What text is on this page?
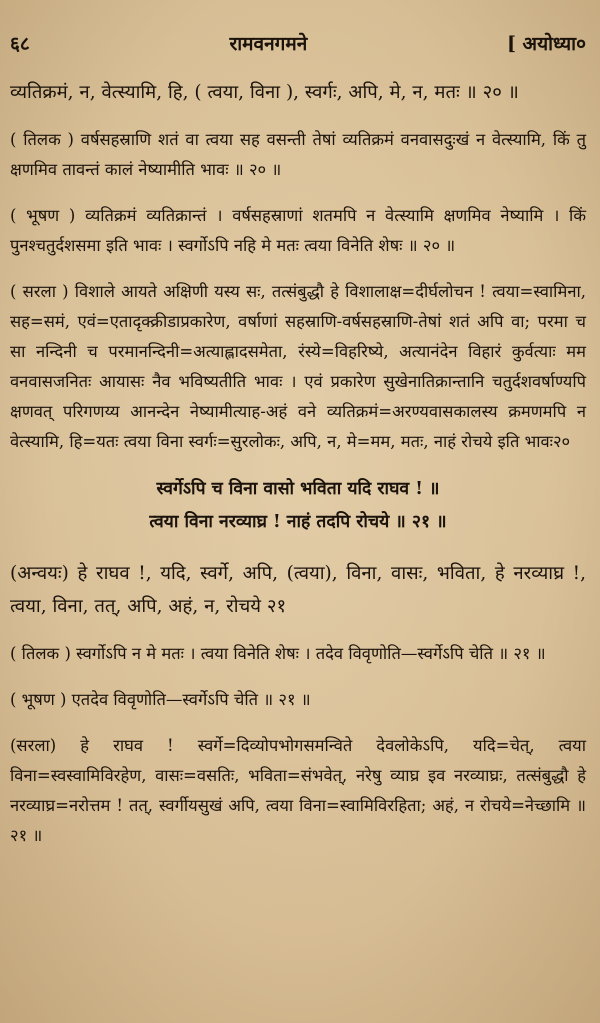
६८	रामवनगमने	[ अयोध्या०

व्यतिक्रमं, न, वेत्स्यामि, हि, ( त्वया, विना ), स्वर्गः, अपि, मे, न, मतः ॥ २० ॥

( तिलक ) वर्षसहस्राणि शतं वा त्वया सह वसन्ती तेषां व्यतिक्रमं वनवासदुःखं न वेत्स्यामि, किं तु क्षणमिव तावन्तं कालं नेष्यामीति भावः ॥ २० ॥

( भूषण ) व्यतिक्रमं व्यतिक्रान्तं । वर्षसहस्राणां शतमपि न वेत्स्यामि क्षणमिव नेष्यामि । किं पुनश्चतुर्दशसमा इति भावः । स्वर्गोऽपि नहि मे मतः त्वया विनेति शेषः ॥ २० ॥

( सरला ) विशाले आयते अक्षिणी यस्य सः, तत्संबुद्धौ हे विशालाक्ष=दीर्घलोचन ! त्वया=स्वामिना, सह=समं, एवं=एतादृक्क्रीडाप्रकारेण, वर्षाणां सहस्राणि-वर्षसहस्राणि-तेषां शतं अपि वा; परमा च सा नन्दिनी च परमानन्दिनी=अत्याह्लादसमेता, रंस्ये=विहरिष्ये, अत्यानंदेन विहारं कुर्वत्याः मम वनवासजनितः आयासः नैव भविष्यतीति भावः । एवं प्रकारेण सुखेनातिक्रान्तानि चतुर्दशवर्षाण्यपि क्षणवत् परिगणय्य आनन्देन नेष्यामीत्याह-अहं वने व्यतिक्रमं=अरण्यवासकालस्य क्रमणमपि न वेत्स्यामि, हि=यतः त्वया विना स्वर्गः=सुरलोकः, अपि, न, मे=मम, मतः, नाहं रोचये इति भावः२०

स्वर्गेऽपि च विना वासो भविता यदि राघव ! ॥

त्वया विना नरव्याघ्र ! नाहं तदपि रोचये ॥ २१ ॥

(अन्वयः) हे राघव !, यदि, स्वर्गे, अपि, (त्वया), विना, वासः, भविता, हे नरव्याघ्र !, त्वया, विना, तत्, अपि, अहं, न, रोचये २१

( तिलक ) स्वर्गोऽपि न मे मतः । त्वया विनेति शेषः । तदेव विवृणोति—स्वर्गेऽपि चेति ॥ २१ ॥

( भूषण ) एतदेव विवृणोति—स्वर्गेऽपि चेति ॥ २१ ॥

(सरला) हे राघव ! स्वर्गे=दिव्योपभोगसमन्विते देवलोकेऽपि, यदि=चेत्, त्वया विना=स्वस्वामिविरहेण, वासः=वसतिः, भविता=संभवेत्, नरेषु व्याघ्र इव नरव्याघ्रः, तत्संबुद्धौ हे नरव्याघ्र=नरोत्तम ! तत्, स्वर्गीयसुखं अपि, त्वया विना=स्वामिविरहिता; अहं, न रोचये=नेच्छामि ॥ २१ ॥
